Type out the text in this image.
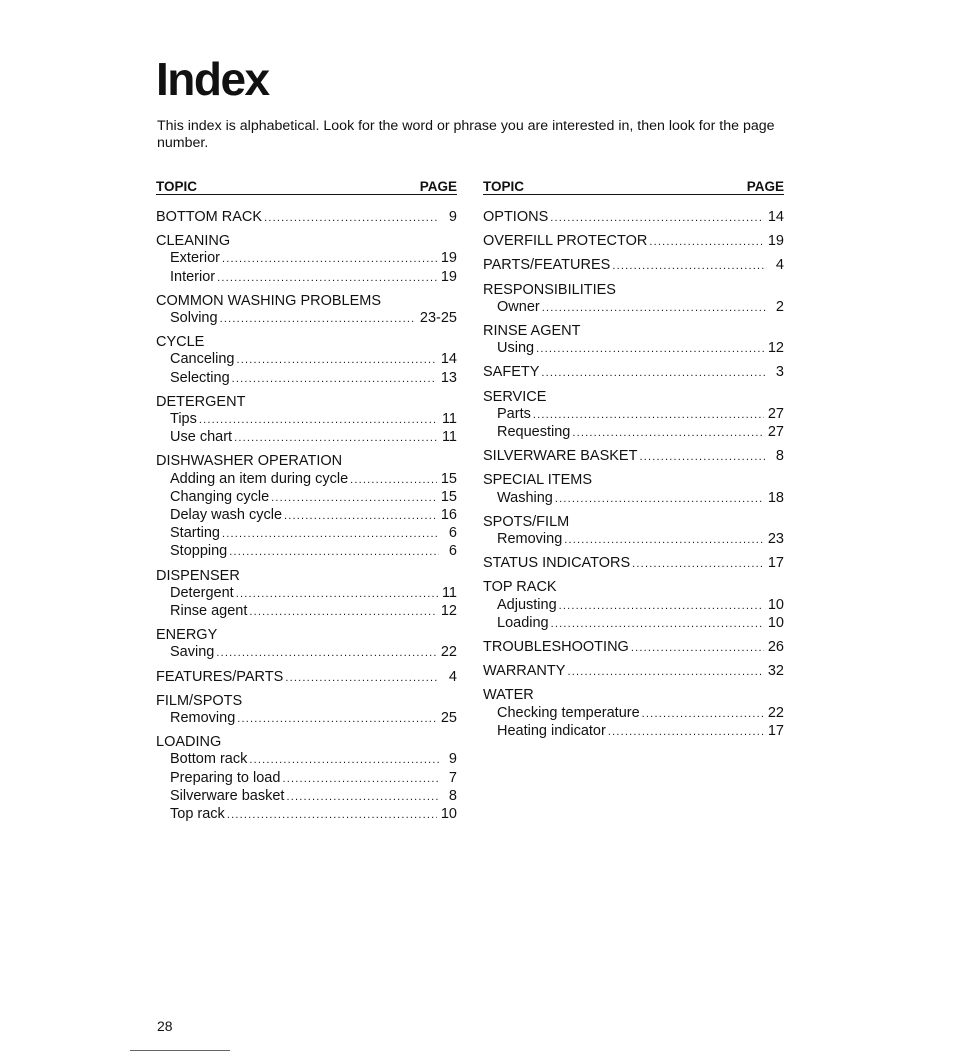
Index

This index is alphabetical. Look for the word or phrase you are interested in, then look for the page number.

TOPIC	PAGE
BOTTOM RACK .....	9
CLEANING
Exterior .....	19
Interior .....	19
COMMON WASHING PROBLEMS
Solving .....	23-25
CYCLE
Canceling .....	14
Selecting .....	13
DETERGENT
Tips .....	11
Use chart .....	11
DISHWASHER OPERATION
Adding an item during cycle .....	15
Changing cycle .....	15
Delay wash cycle .....	16
Starting .....	6
Stopping .....	6
DISPENSER
Detergent .....	11
Rinse agent .....	12
ENERGY
Saving .....	22
FEATURES/PARTS .....	4
FILM/SPOTS
Removing .....	25
LOADING
Bottom rack .....	9
Preparing to load .....	7
Silverware basket .....	8
Top rack .....	10
TOPIC	PAGE
OPTIONS .....	14
OVERFILL PROTECTOR .....	19
PARTS/FEATURES .....	4
RESPONSIBILITIES
Owner .....	2
RINSE AGENT
Using .....	12
SAFETY .....	3
SERVICE
Parts .....	27
Requesting .....	27
SILVERWARE BASKET .....	8
SPECIAL ITEMS
Washing .....	18
SPOTS/FILM
Removing .....	23
STATUS INDICATORS .....	17
TOP RACK
Adjusting .....	10
Loading .....	10
TROUBLESHOOTING .....	26
WARRANTY .....	32
WATER
Checking temperature .....	22
Heating indicator .....	17
28
